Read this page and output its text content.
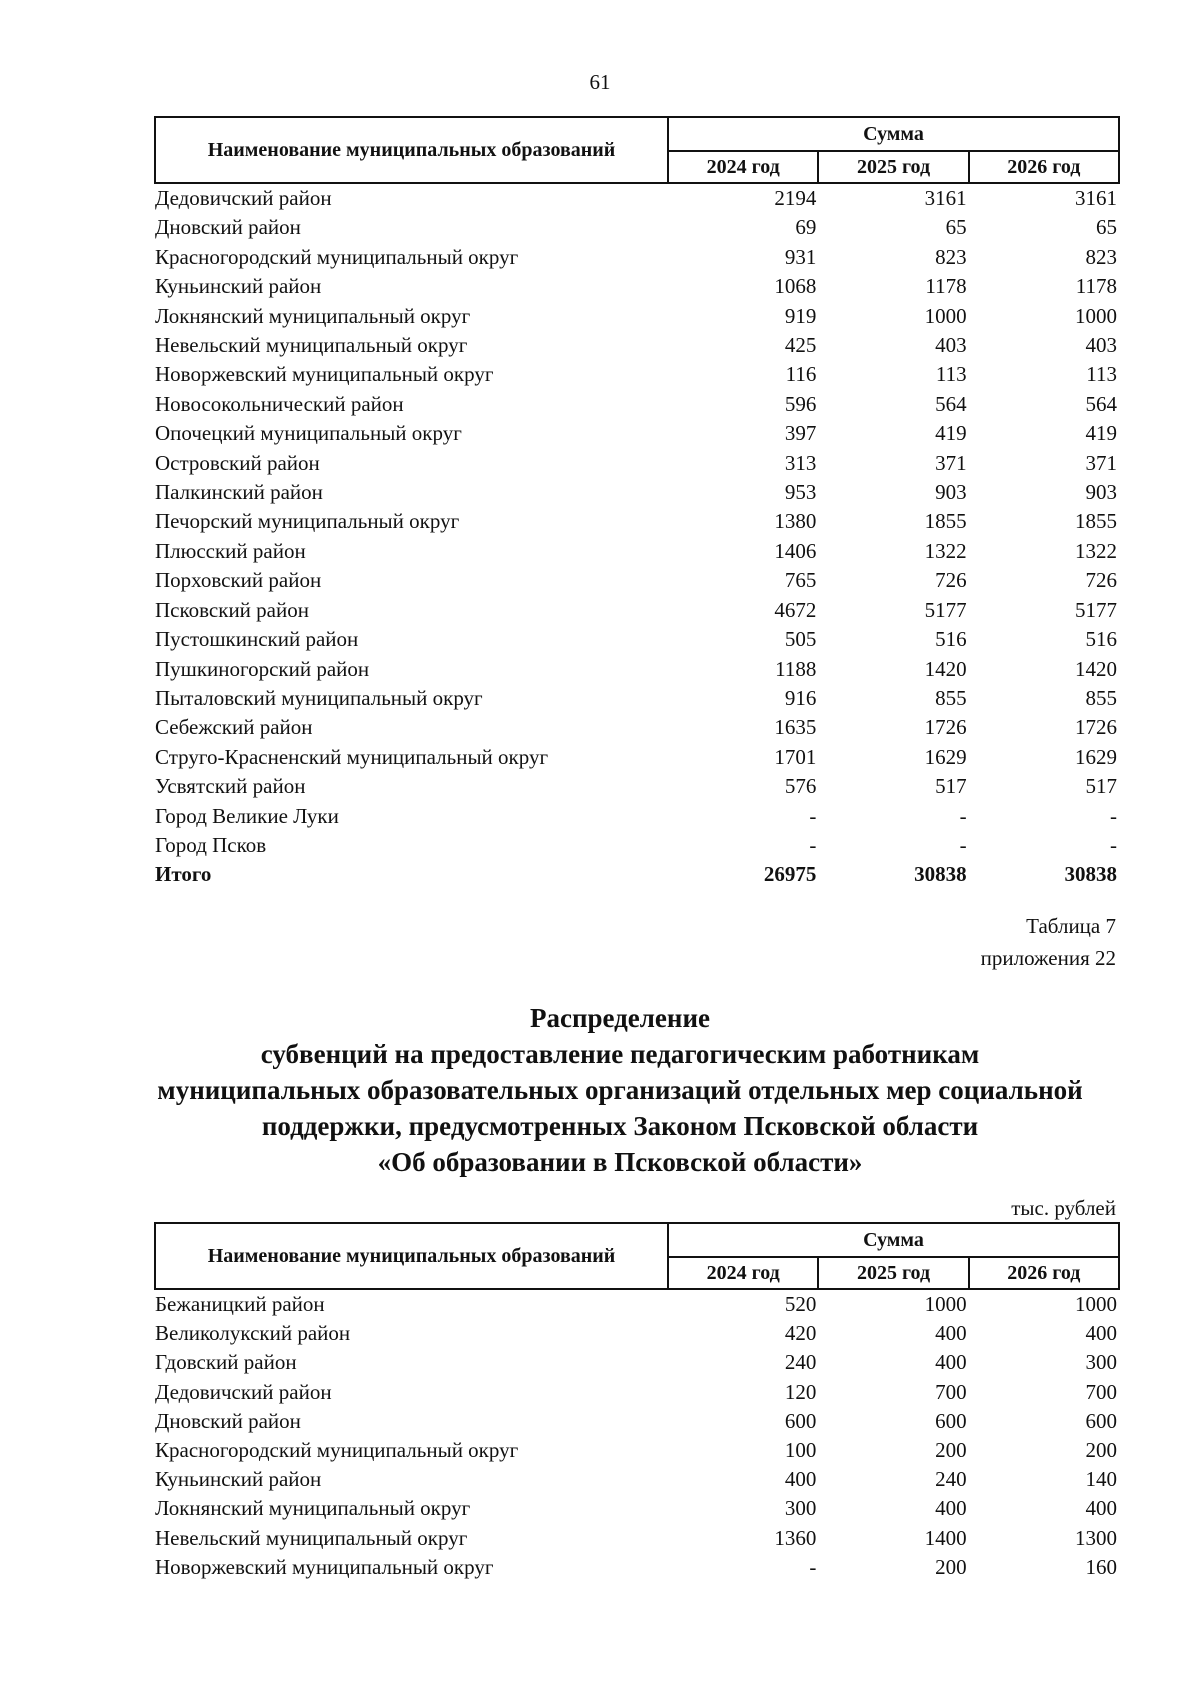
61
Наименование муниципальных образований	Сумма		
	2024 год	2025 год	2026 год
Дедовичский район	2194	3161	3161
Дновский район	69	65	65
Красногородский муниципальный округ	931	823	823
Куньинский район	1068	1178	1178
Локнянский муниципальный округ	919	1000	1000
Невельский муниципальный округ	425	403	403
Новоржевский муниципальный округ	116	113	113
Новосокольнический район	596	564	564
Опочецкий муниципальный округ	397	419	419
Островский район	313	371	371
Палкинский район	953	903	903
Печорский муниципальный округ	1380	1855	1855
Плюсский район	1406	1322	1322
Порховский район	765	726	726
Псковский район	4672	5177	5177
Пустошкинский район	505	516	516
Пушкиногорский район	1188	1420	1420
Пыталовский муниципальный округ	916	855	855
Себежский район	1635	1726	1726
Струго-Красненский муниципальный округ	1701	1629	1629
Усвятский район	576	517	517
Город Великие Луки	-	-	-
Город Псков	-	-	-
Итого	26975	30838	30838
Таблица 7
приложения 22
Распределение
субвенций на предоставление педагогическим работникам
муниципальных образовательных организаций отдельных мер социальной
поддержки, предусмотренных Законом Псковской области
«Об образовании в Псковской области»
тыс. рублей
Наименование муниципальных образований	Сумма		
	2024 год	2025 год	2026 год
Бежаницкий район	520	1000	1000
Великолукский район	420	400	400
Гдовский район	240	400	300
Дедовичский район	120	700	700
Дновский район	600	600	600
Красногородский муниципальный округ	100	200	200
Куньинский район	400	240	140
Локнянский муниципальный округ	300	400	400
Невельский муниципальный округ	1360	1400	1300
Новоржевский муниципальный округ	-	200	160
